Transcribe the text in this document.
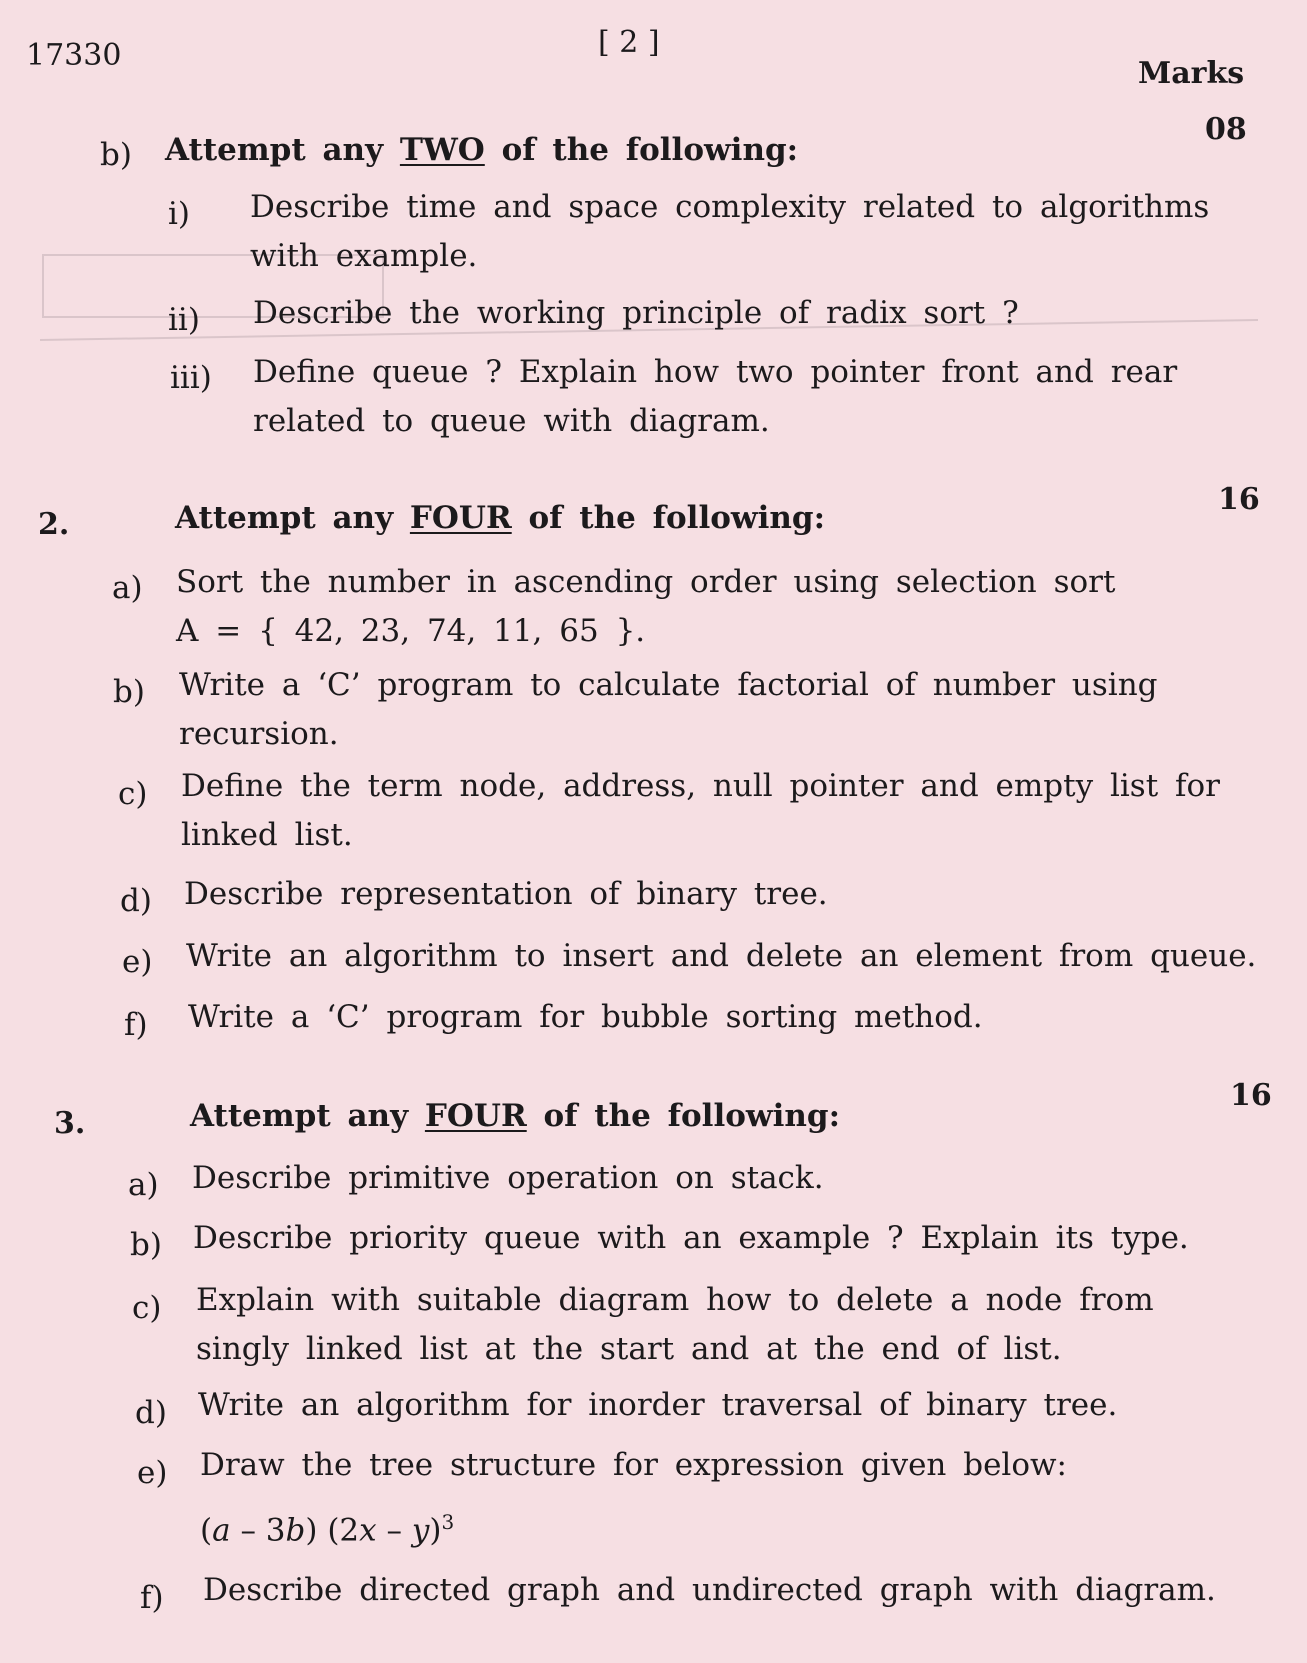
17330	[ 2 ]
Marks
b) Attempt any TWO of the following:
08
i) Describe time and space complexity related to algorithms
with example.
ii) Describe the working principle of radix sort ?
iii) Define queue ? Explain how two pointer front and rear
related to queue with diagram.
2.	Attempt any FOUR of the following:
16
a) Sort the number in ascending order using selection sort
A = { 42, 23, 74, 11, 65 }.
b) Write a ‘C’ program to calculate factorial of number using
recursion.
c) Define the term node, address, null pointer and empty list for
linked list.
d) Describe representation of binary tree.
e) Write an algorithm to insert and delete an element from queue.
f) Write a ‘C’ program for bubble sorting method.
3.	Attempt any FOUR of the following:
16
a) Describe primitive operation on stack.
b) Describe priority queue with an example ? Explain its type.
c) Explain with suitable diagram how to delete a node from
singly linked list at the start and at the end of list.
d) Write an algorithm for inorder traversal of binary tree.
e) Draw the tree structure for expression given below:
(a – 3b) (2x – y)$^3$
f) Describe directed graph and undirected graph with diagram.
